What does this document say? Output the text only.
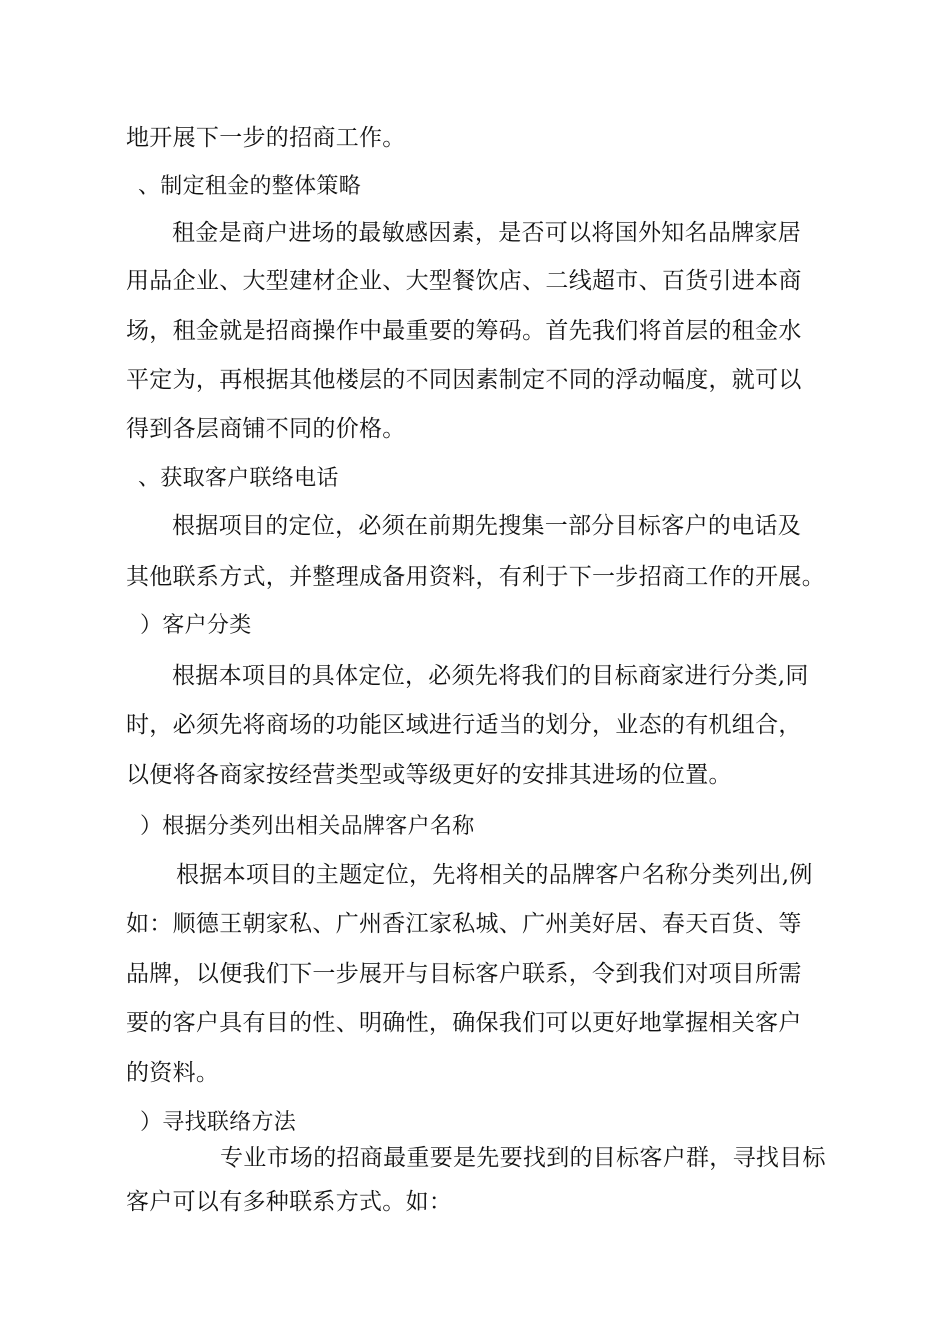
地开展下一步的招商工作。
、制定租金的整体策略
租金是商户进场的最敏感因素，是否可以将国外知名品牌家居
用品企业、大型建材企业、大型餐饮店、二线超市、百货引进本商
场，租金就是招商操作中最重要的筹码。首先我们将首层的租金水
平定为，再根据其他楼层的不同因素制定不同的浮动幅度，就可以
得到各层商铺不同的价格。
、获取客户联络电话
根据项目的定位，必须在前期先搜集一部分目标客户的电话及
其他联系方式，并整理成备用资料，有利于下一步招商工作的开展。
）客户分类
根据本项目的具体定位，必须先将我们的目标商家进行分类,同
时，必须先将商场的功能区域进行适当的划分，业态的有机组合，
以便将各商家按经营类型或等级更好的安排其进场的位置。
）根据分类列出相关品牌客户名称
根据本项目的主题定位，先将相关的品牌客户名称分类列出,例
如：顺德王朝家私、广州香江家私城、广州美好居、春天百货、等
品牌，以便我们下一步展开与目标客户联系，令到我们对项目所需
要的客户具有目的性、明确性，确保我们可以更好地掌握相关客户
的资料。
）寻找联络方法
专业市场的招商最重要是先要找到的目标客户群，寻找目标
客户可以有多种联系方式。如：
